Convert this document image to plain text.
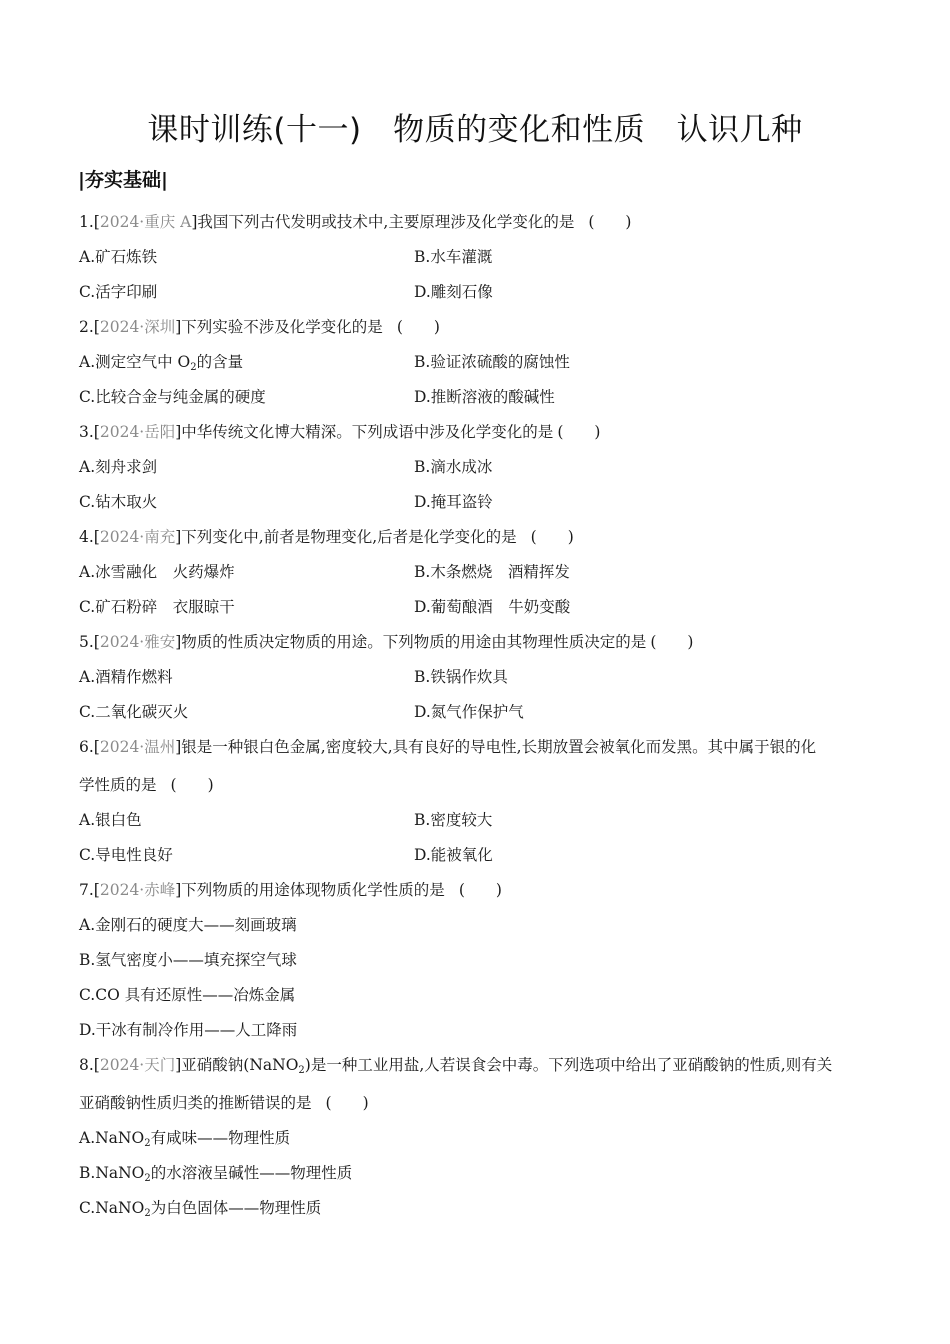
课时训练(十一)　物质的变化和性质　认识几种
|夯实基础|
1.[2024·重庆 A]我国下列古代发明或技术中,主要原理涉及化学变化的是 (　　)
A.矿石炼铁	B.水车灌溉
C.活字印刷	D.雕刻石像
2.[2024·深圳]下列实验不涉及化学变化的是 (　　)
A.测定空气中 $O_2$的含量	B.验证浓硫酸的腐蚀性
C.比较合金与纯金属的硬度	D.推断溶液的酸碱性
3.[2024·岳阳]中华传统文化博大精深。下列成语中涉及化学变化的是 (　　)
A.刻舟求剑	B.滴水成冰
C.钻木取火	D.掩耳盗铃
4.[2024·南充]下列变化中,前者是物理变化,后者是化学变化的是 (　　)
A.冰雪融化　火药爆炸	B.木条燃烧　酒精挥发
C.矿石粉碎　衣服晾干	D.葡萄酿酒　牛奶变酸
5.[2024·雅安]物质的性质决定物质的用途。下列物质的用途由其物理性质决定的是 (　　)
A.酒精作燃料	B.铁锅作炊具
C.二氧化碳灭火	D.氮气作保护气
6.[2024·温州]银是一种银白色金属,密度较大,具有良好的导电性,长期放置会被氧化而发黑。其中属于银的化
学性质的是 (　　)
A.银白色	B.密度较大
C.导电性良好	D.能被氧化
7.[2024·赤峰]下列物质的用途体现物质化学性质的是 (　　)
A.金刚石的硬度大——刻画玻璃
B.氢气密度小——填充探空气球
C.CO 具有还原性——冶炼金属
D.干冰有制冷作用——人工降雨
8.[2024·天门]亚硝酸钠(NaNO$_2$)是一种工业用盐,人若误食会中毒。下列选项中给出了亚硝酸钠的性质,则有关
亚硝酸钠性质归类的推断错误的是 (　　)
A.NaNO$_2$有咸味——物理性质
B.NaNO$_2$的水溶液呈碱性——物理性质
C.NaNO$_2$为白色固体——物理性质
